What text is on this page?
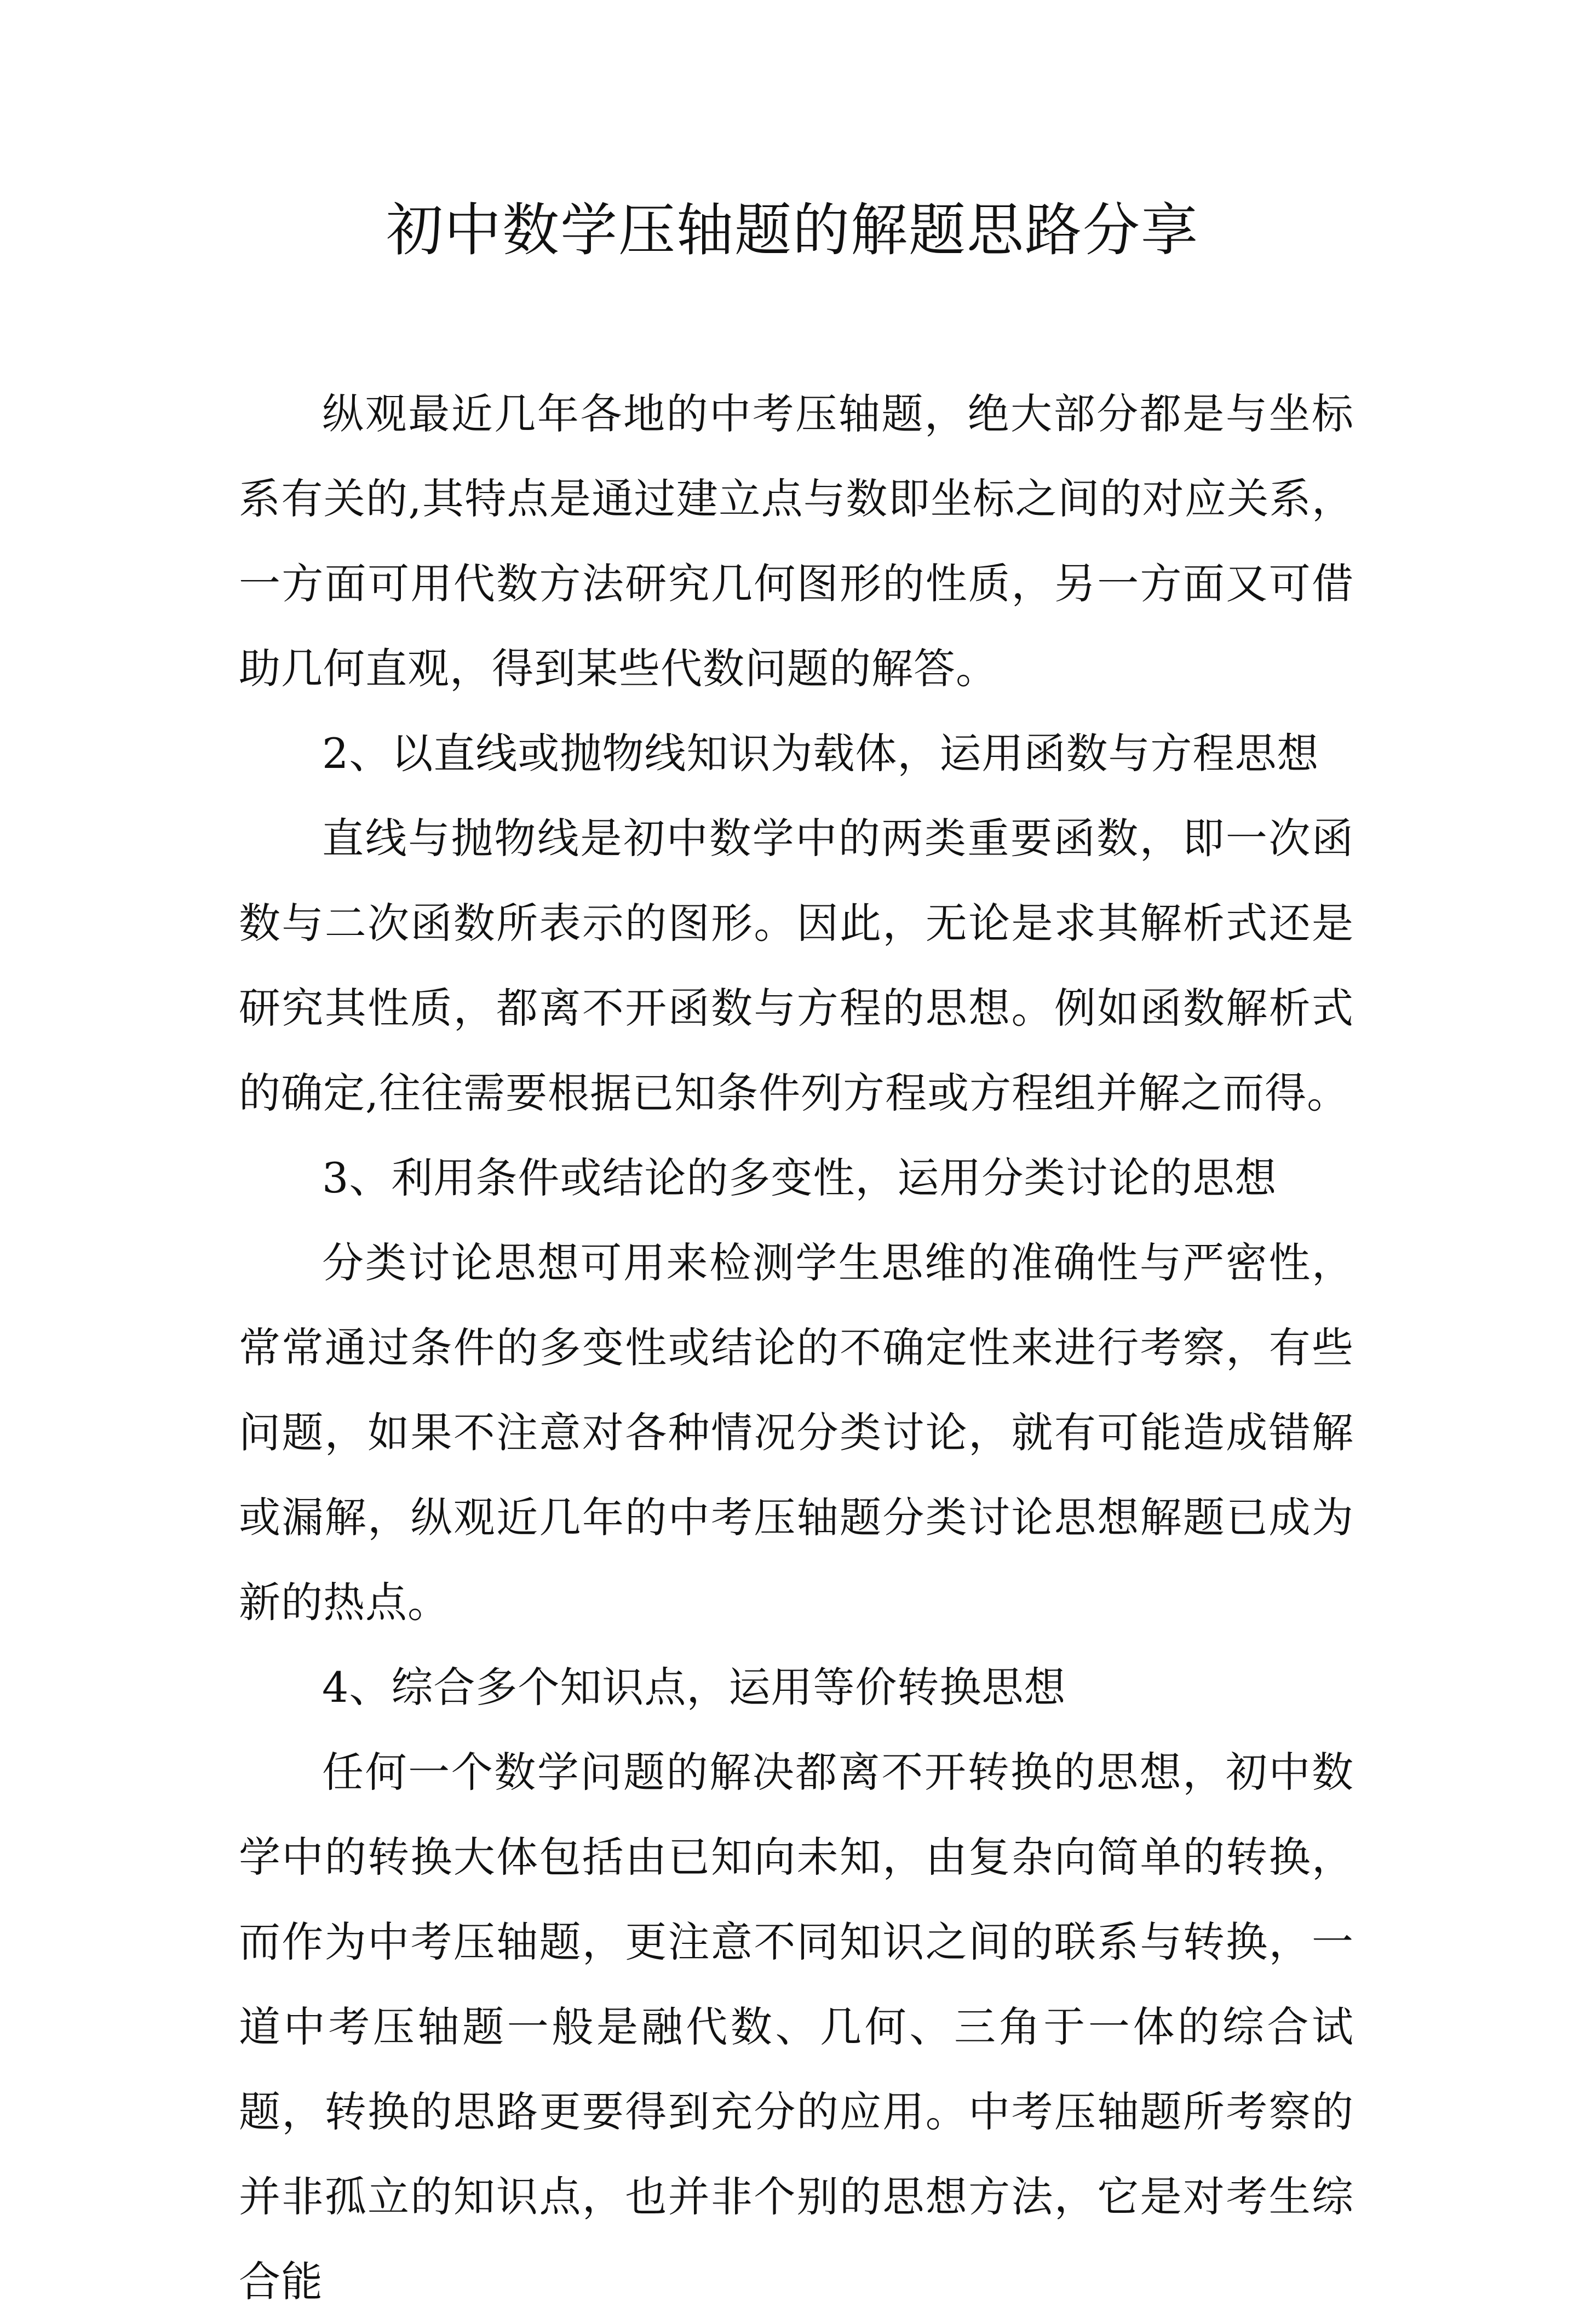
初中数学压轴题的解题思路分享

纵观最近几年各地的中考压轴题，绝大部分都是与坐标系有关的,其特点是通过建立点与数即坐标之间的对应关系，一方面可用代数方法研究几何图形的性质，另一方面又可借助几何直观，得到某些代数问题的解答。

2、以直线或抛物线知识为载体，运用函数与方程思想

直线与抛物线是初中数学中的两类重要函数，即一次函数与二次函数所表示的图形。因此，无论是求其解析式还是研究其性质，都离不开函数与方程的思想。例如函数解析式的确定,往往需要根据已知条件列方程或方程组并解之而得。

3、利用条件或结论的多变性，运用分类讨论的思想

分类讨论思想可用来检测学生思维的准确性与严密性，常常通过条件的多变性或结论的不确定性来进行考察，有些问题，如果不注意对各种情况分类讨论，就有可能造成错解或漏解，纵观近几年的中考压轴题分类讨论思想解题已成为新的热点。

4、综合多个知识点，运用等价转换思想

任何一个数学问题的解决都离不开转换的思想，初中数学中的转换大体包括由已知向未知，由复杂向简单的转换，而作为中考压轴题，更注意不同知识之间的联系与转换，一道中考压轴题一般是融代数、几何、三角于一体的综合试题，转换的思路更要得到充分的应用。中考压轴题所考察的并非孤立的知识点，也并非个别的思想方法，它是对考生综合能
